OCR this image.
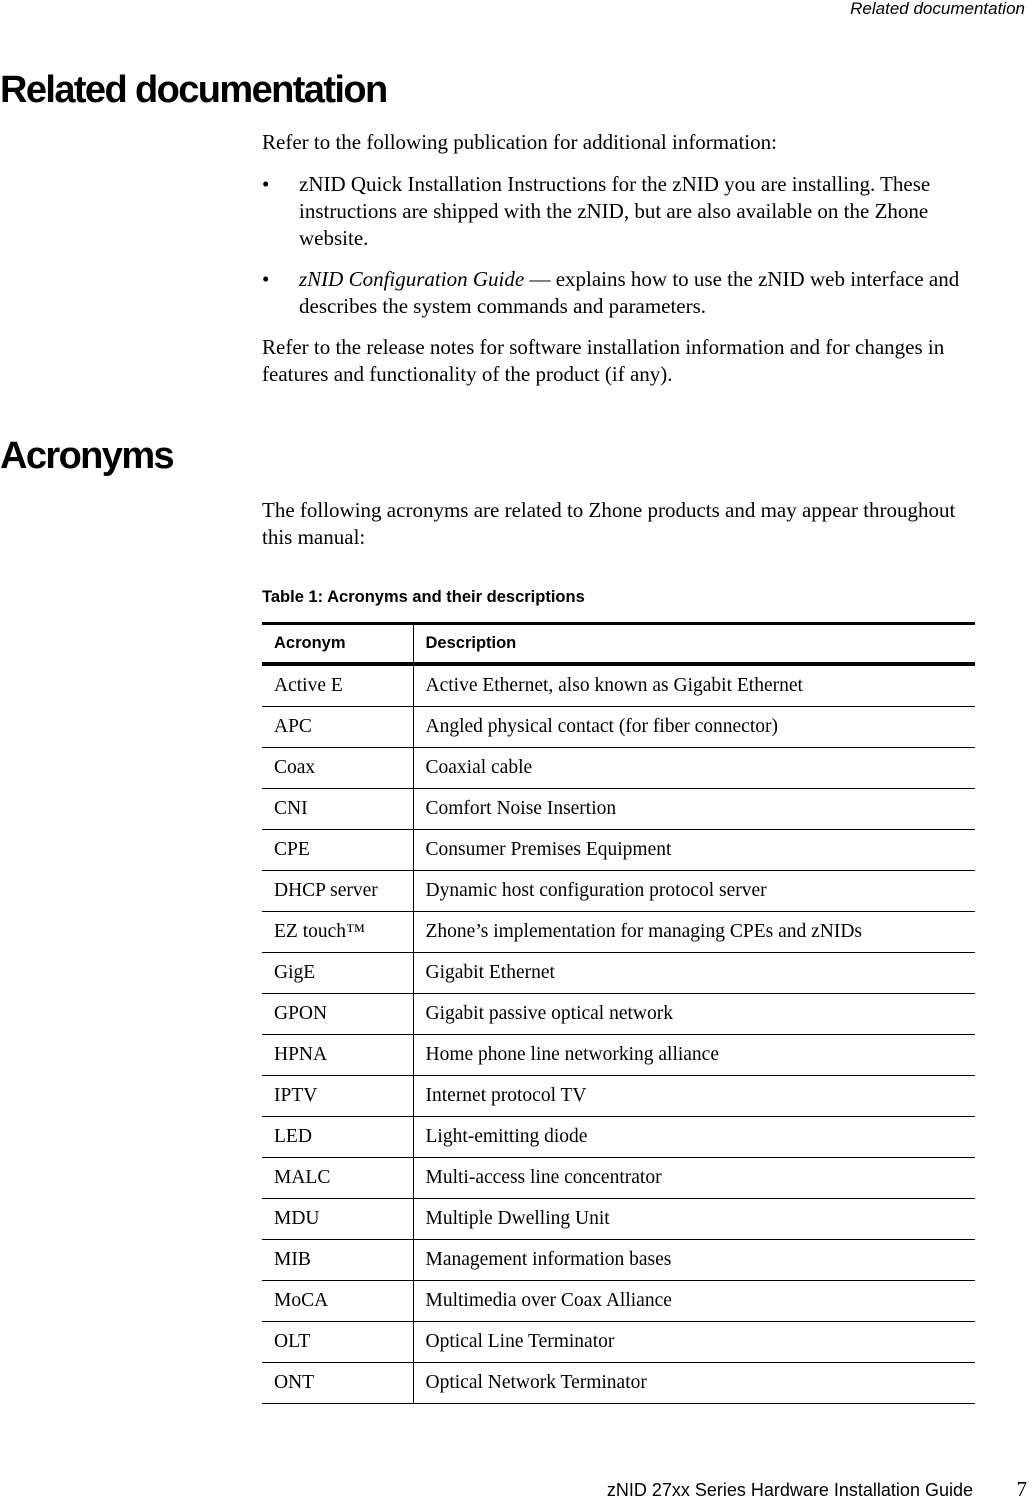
Related documentation
Related documentation

Refer to the following publication for additional information:

• zNID Quick Installation Instructions for the zNID you are installing. These instructions are shipped with the zNID, but are also available on the Zhone website.
• zNID Configuration Guide — explains how to use the zNID web interface and describes the system commands and parameters.

Refer to the release notes for software installation information and for changes in features and functionality of the product (if any).

Acronyms

The following acronyms are related to Zhone products and may appear throughout this manual:

Table 1: Acronyms and their descriptions

Acronym	Description
Active E	Active Ethernet, also known as Gigabit Ethernet
APC	Angled physical contact (for fiber connector)
Coax	Coaxial cable
CNI	Comfort Noise Insertion
CPE	Consumer Premises Equipment
DHCP server	Dynamic host configuration protocol server
EZ touch™	Zhone’s implementation for managing CPEs and zNIDs
GigE	Gigabit Ethernet
GPON	Gigabit passive optical network
HPNA	Home phone line networking alliance
IPTV	Internet protocol TV
LED	Light-emitting diode
MALC	Multi-access line concentrator
MDU	Multiple Dwelling Unit
MIB	Management information bases
MoCA	Multimedia over Coax Alliance
OLT	Optical Line Terminator
ONT	Optical Network Terminator
zNID 27xx Series Hardware Installation Guide 7
